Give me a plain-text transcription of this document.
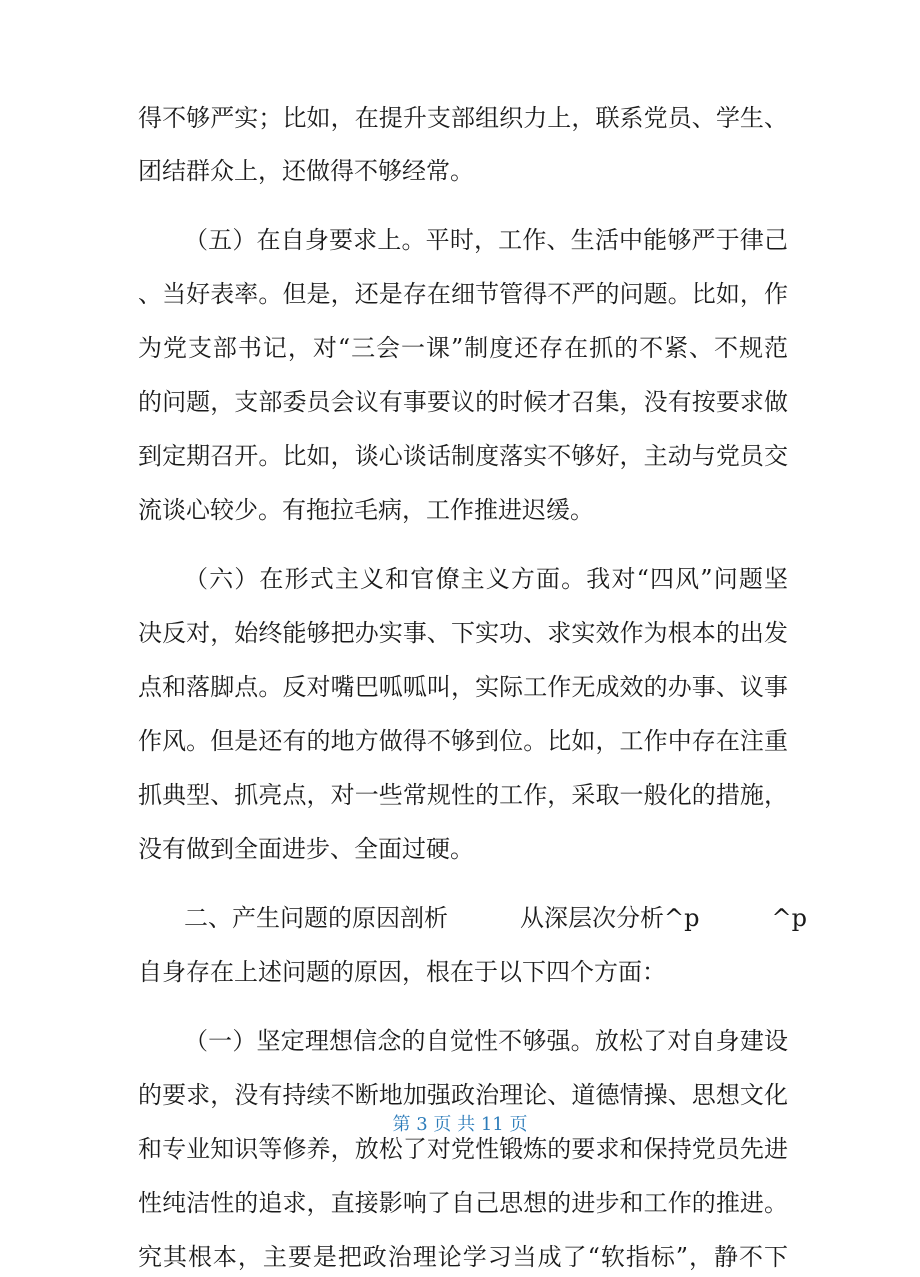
得不够严实；比如，在提升支部组织力上，联系党员、学生、
团结群众上，还做得不够经常。
（五）在自身要求上。平时，工作、生活中能够严于律己
、当好表率。但是，还是存在细节管得不严的问题。比如，作
为党支部书记，对“三会一课”制度还存在抓的不紧、不规范
的问题，支部委员会议有事要议的时候才召集，没有按要求做
到定期召开。比如，谈心谈话制度落实不够好，主动与党员交
流谈心较少。有拖拉毛病，工作推进迟缓。
（六）在形式主义和官僚主义方面。我对“四风”问题坚
决反对，始终能够把办实事、下实功、求实效作为根本的出发
点和落脚点。反对嘴巴呱呱叫，实际工作无成效的办事、议事
作风。但是还有的地方做得不够到位。比如，工作中存在注重
抓典型、抓亮点，对一些常规性的工作，采取一般化的措施，
没有做到全面进步、全面过硬。
二、产生问题的原因剖析　　　从深层次分析^p　　　^p
自身存在上述问题的原因，根在于以下四个方面：
（一）坚定理想信念的自觉性不够强。放松了对自身建设
的要求，没有持续不断地加强政治理论、道德情操、思想文化
和专业知识等修养，放松了对党性锻炼的要求和保持党员先进
性纯洁性的追求，直接影响了自己思想的进步和工作的推进。
究其根本，主要是把政治理论学习当成了“软指标”，静不下
第 3 页 共 11 页
